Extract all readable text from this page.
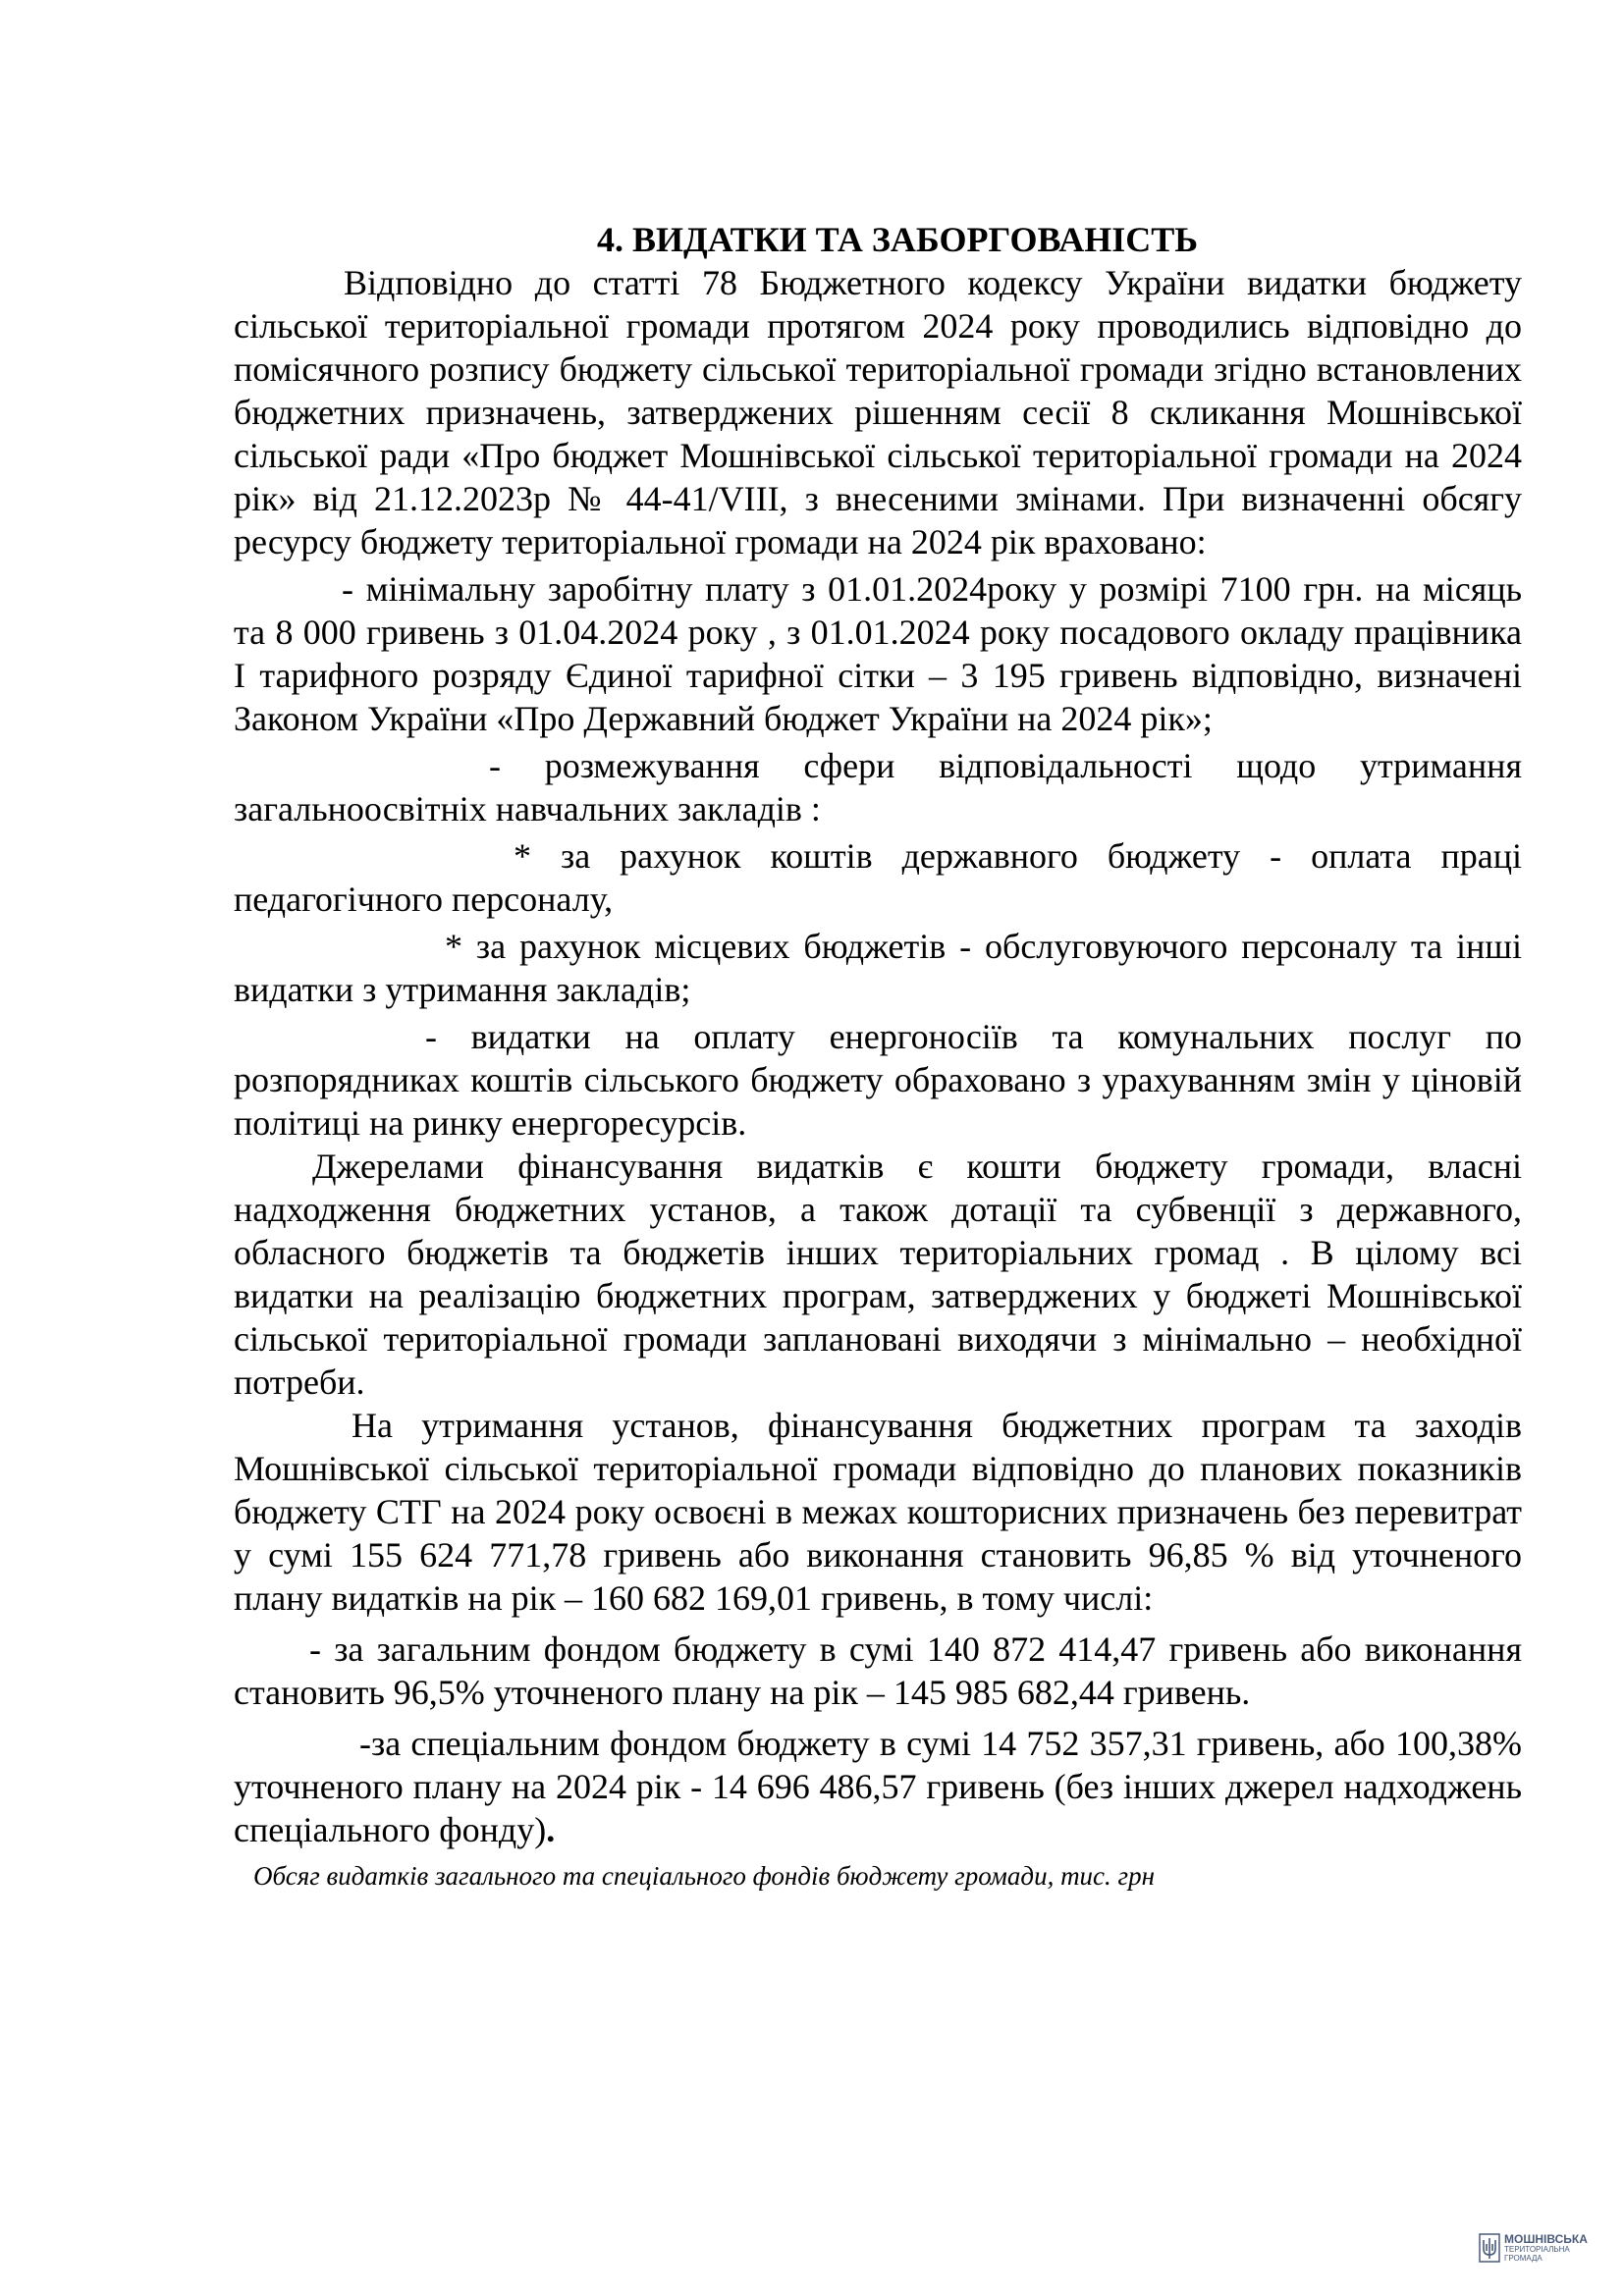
4. ВИДАТКИ ТА ЗАБОРГОВАНІСТЬ

Відповідно до статті 78 Бюджетного кодексу України видатки бюджету сільської територіальної громади протягом 2024 року проводились відповідно до помісячного розпису бюджету сільської територіальної громади згідно встановлених бюджетних призначень, затверджених рішенням сесії 8 скликання Мошнівської сільської ради «Про бюджет Мошнівської сільської територіальної громади на 2024 рік» від 21.12.2023р № 44-41/VIII, з внесеними змінами. При визначенні обсягу ресурсу бюджету територіальної громади на 2024 рік враховано:

- мінімальну заробітну плату з 01.01.2024року у розмірі 7100 грн. на місяць та 8 000 гривень з 01.04.2024 року , з 01.01.2024 року посадового окладу працівника І тарифного розряду Єдиної тарифної сітки – 3 195 гривень відповідно, визначені Законом України «Про Державний бюджет України на 2024 рік»;

- розмежування сфери відповідальності щодо утримання загальноосвітніх навчальних закладів :

* за рахунок коштів державного бюджету - оплата праці педагогічного персоналу,

* за рахунок місцевих бюджетів - обслуговуючого персоналу та інші видатки з утримання закладів;

- видатки на оплату енергоносіїв та комунальних послуг по розпорядниках коштів сільського бюджету обраховано з урахуванням змін у ціновій політиці на ринку енергоресурсів.

Джерелами фінансування видатків є кошти бюджету громади, власні надходження бюджетних установ, а також дотації та субвенції з державного, обласного бюджетів та бюджетів інших територіальних громад . В цілому всі видатки на реалізацію бюджетних програм, затверджених у бюджеті Мошнівської сільської територіальної громади заплановані виходячи з мінімально – необхідної потреби.

На утримання установ, фінансування бюджетних програм та заходів Мошнівської сільської територіальної громади відповідно до планових показників бюджету СТГ на 2024 року освоєні в межах кошторисних призначень без перевитрат у сумі 155 624 771,78 гривень або виконання становить 96,85 % від уточненого плану видатків на рік – 160 682 169,01 гривень, в тому числі:

- за загальним фондом бюджету в сумі 140 872 414,47 гривень або виконання становить 96,5% уточненого плану на рік – 145 985 682,44 гривень.

-за спеціальним фондом бюджету в сумі 14 752 357,31 гривень, або 100,38% уточненого плану на 2024 рік - 14 696 486,57 гривень (без інших джерел надходжень спеціального фонду).

Обсяг видатків загального та спеціального фондів бюджету громади, тис. грн

МОШНІВСЬКА
ТЕРИТОРІАЛЬНА
ГРОМАДА
